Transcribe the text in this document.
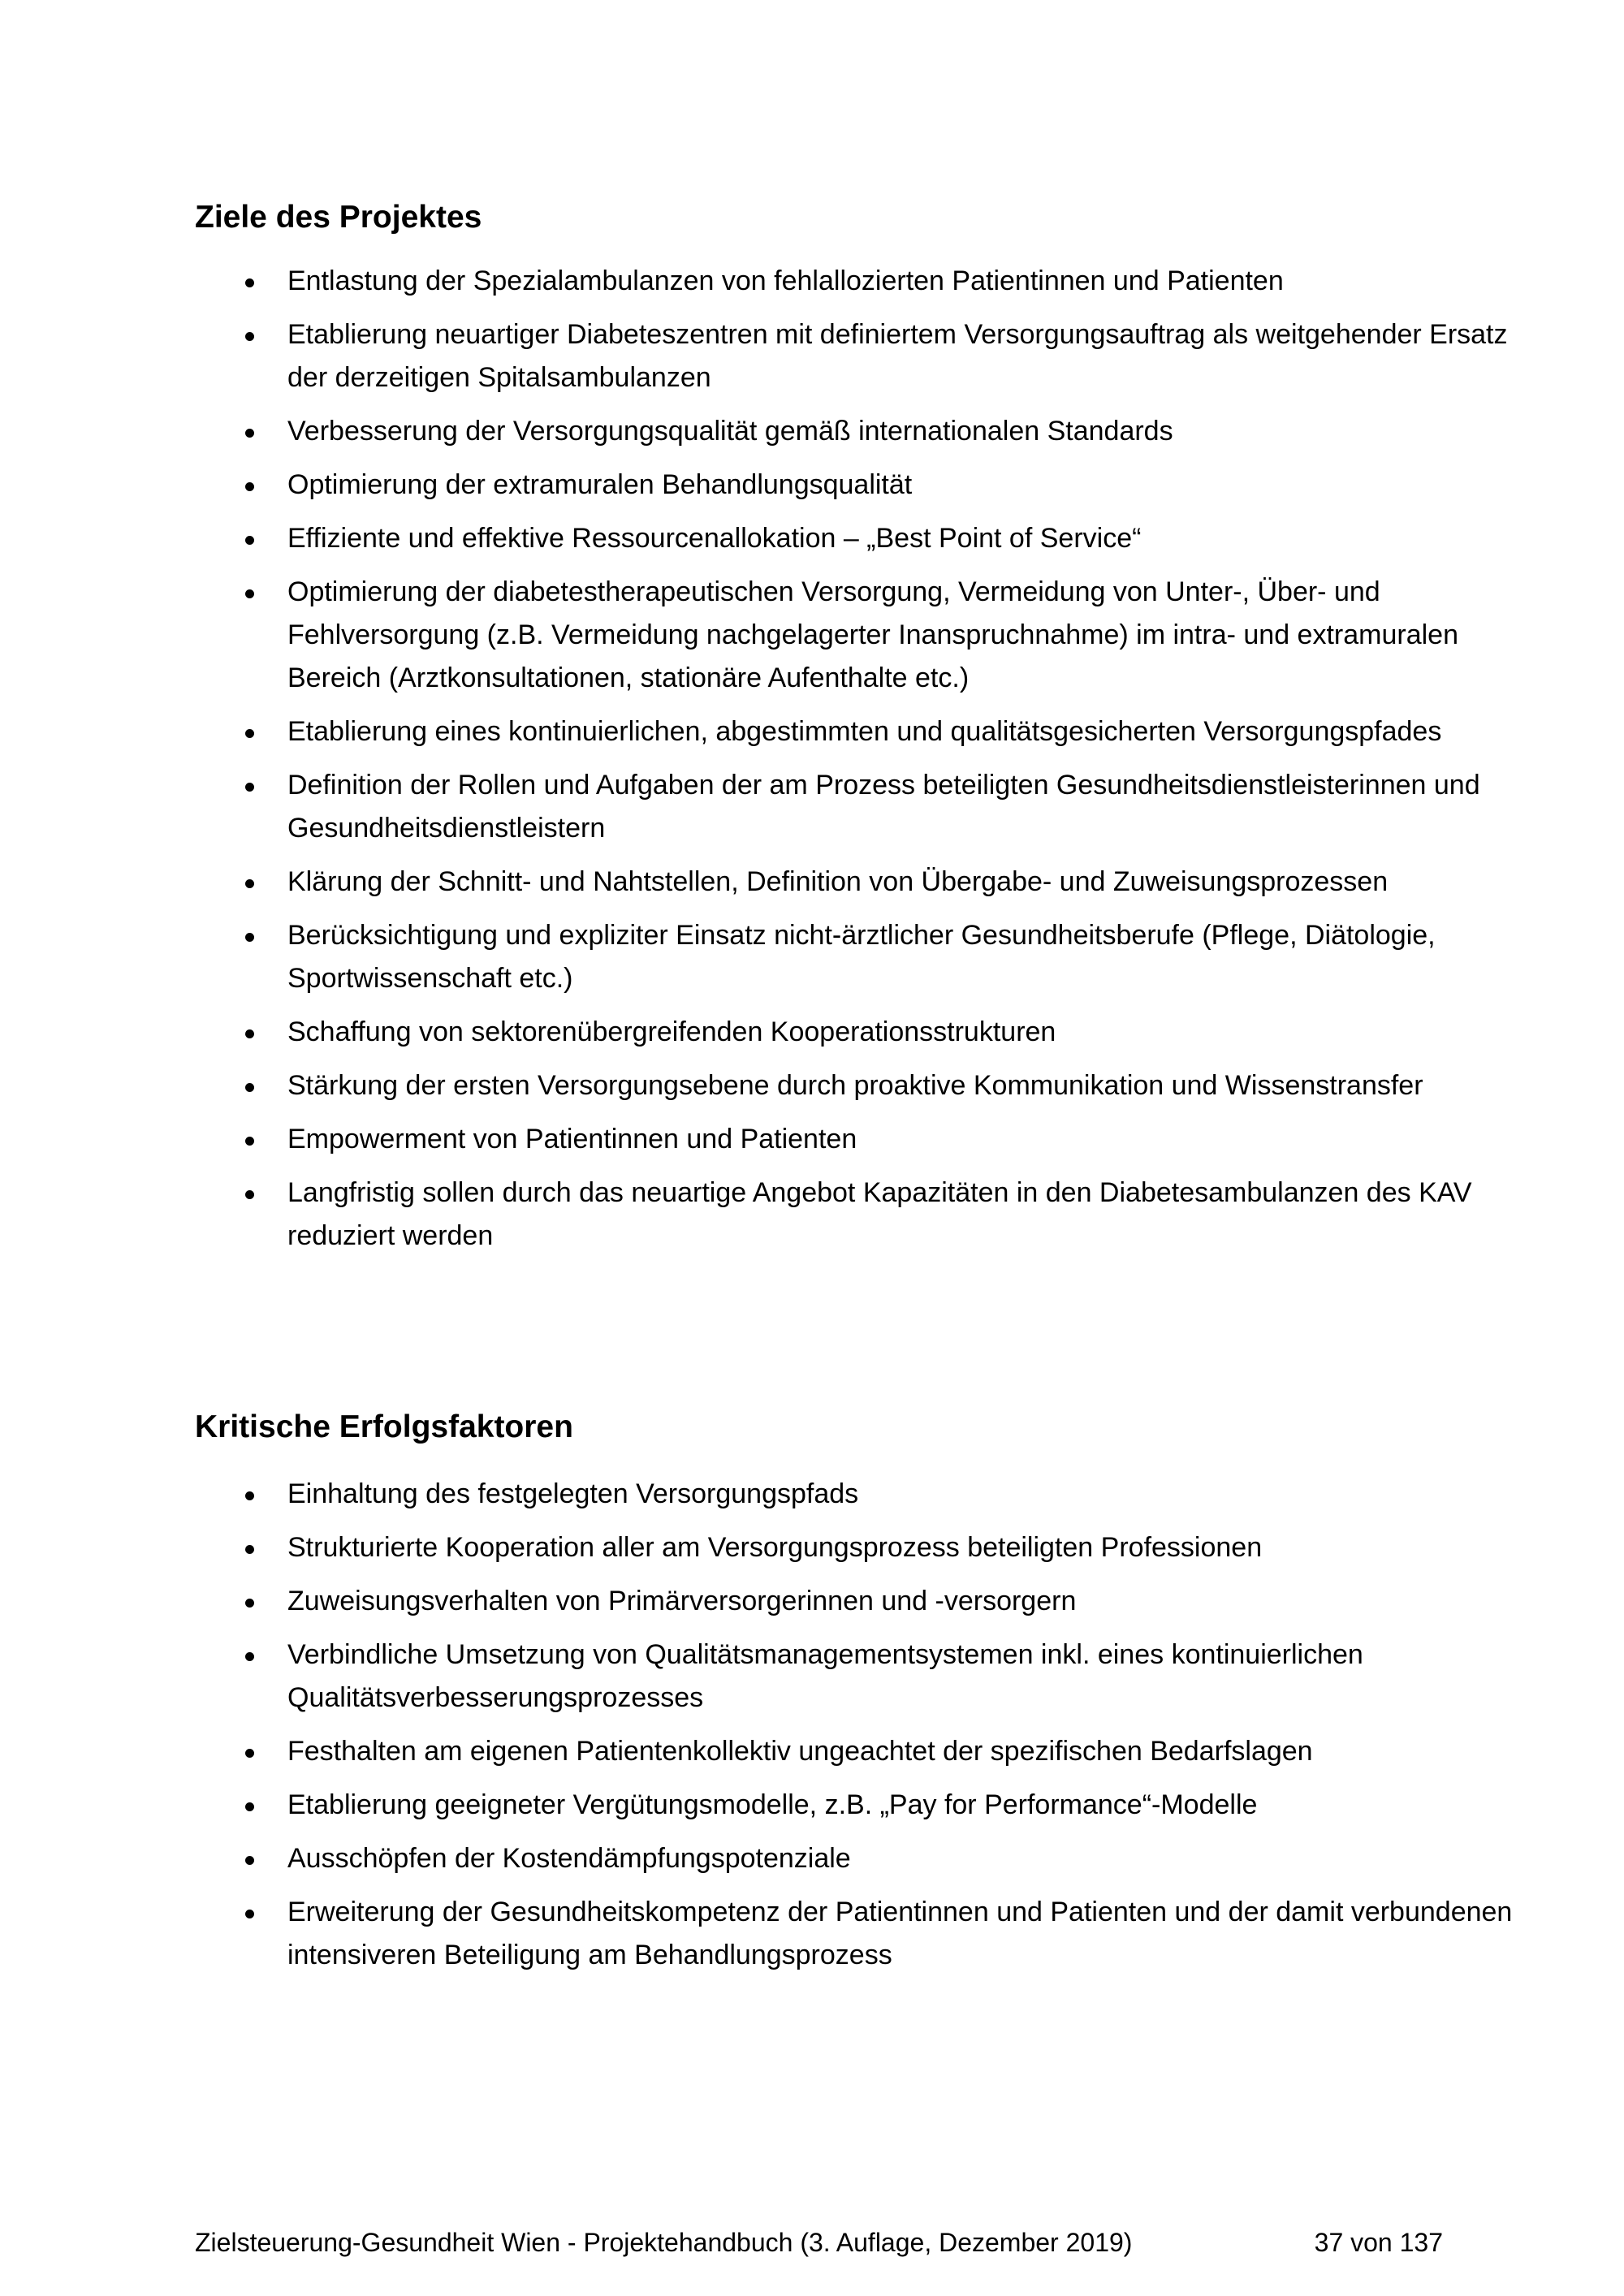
Ziele des Projektes
Entlastung der Spezialambulanzen von fehlallozierten Patientinnen und Patienten
Etablierung neuartiger Diabeteszentren mit definiertem Versorgungsauftrag als weitgehender Ersatz der derzeitigen Spitalsambulanzen
Verbesserung der Versorgungsqualität gemäß internationalen Standards
Optimierung der extramuralen Behandlungsqualität
Effiziente und effektive Ressourcenallokation – „Best Point of Service“
Optimierung der diabetestherapeutischen Versorgung, Vermeidung von Unter-, Über- und Fehlversorgung (z.B. Vermeidung nachgelagerter Inanspruchnahme) im intra- und extramuralen Bereich (Arztkonsultationen, stationäre Aufenthalte etc.)
Etablierung eines kontinuierlichen, abgestimmten und qualitätsgesicherten Versorgungspfades
Definition der Rollen und Aufgaben der am Prozess beteiligten Gesundheitsdienstleisterinnen und Gesundheitsdienstleistern
Klärung der Schnitt- und Nahtstellen, Definition von Übergabe- und Zuweisungsprozessen
Berücksichtigung und expliziter Einsatz nicht-ärztlicher Gesundheitsberufe (Pflege, Diätologie, Sportwissenschaft etc.)
Schaffung von sektorenübergreifenden Kooperationsstrukturen
Stärkung der ersten Versorgungsebene durch proaktive Kommunikation und Wissenstransfer
Empowerment von Patientinnen und Patienten
Langfristig sollen durch das neuartige Angebot Kapazitäten in den Diabetesambulanzen des KAV reduziert werden
Kritische Erfolgsfaktoren
Einhaltung des festgelegten Versorgungspfads
Strukturierte Kooperation aller am Versorgungsprozess beteiligten Professionen
Zuweisungsverhalten von Primärversorgerinnen und -versorgern
Verbindliche Umsetzung von Qualitätsmanagementsystemen inkl. eines kontinuierlichen Qualitätsverbesserungsprozesses
Festhalten am eigenen Patientenkollektiv ungeachtet der spezifischen Bedarfslagen
Etablierung geeigneter Vergütungsmodelle, z.B. „Pay for Performance“-Modelle
Ausschöpfen der Kostendämpfungspotenziale
Erweiterung der Gesundheitskompetenz der Patientinnen und Patienten und der damit verbundenen intensiveren Beteiligung am Behandlungsprozess
Zielsteuerung-Gesundheit Wien - Projektehandbuch (3. Auflage, Dezember 2019)	37 von 137
